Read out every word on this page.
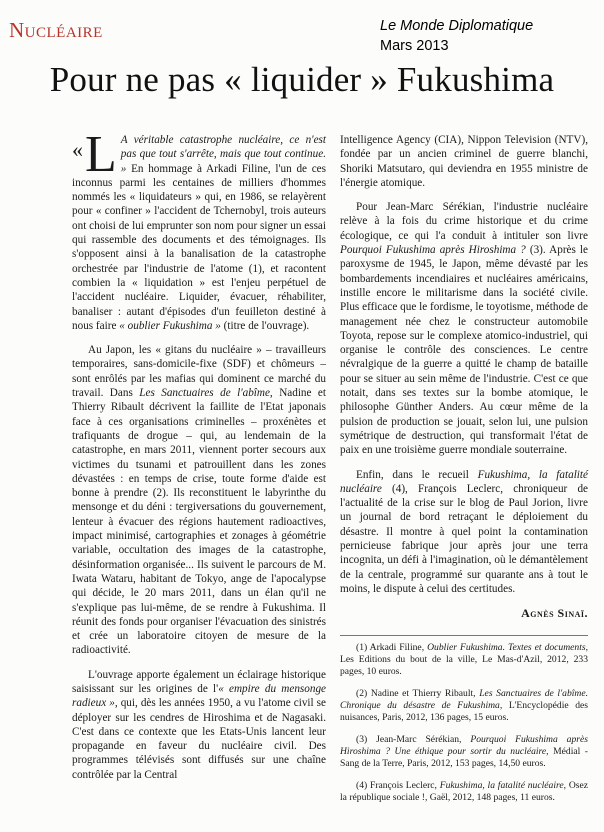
Nucléaire	Le Monde Diplomatique
Mars 2013
Pour ne pas « liquider » Fukushima

« L A véritable catastrophe nucléaire, ce n'est pas que tout s'arrête, mais que tout continue. » En hommage à Arkadi Filine, l'un de ces inconnus parmi les centaines de milliers d'hommes nommés les « liquidateurs » qui, en 1986, se relayèrent pour « confiner » l'accident de Tchernobyl, trois auteurs ont choisi de lui emprunter son nom pour signer un essai qui rassemble des documents et des témoignages. Ils s'opposent ainsi à la banalisation de la catastrophe orchestrée par l'industrie de l'atome (1), et racontent combien la « liquidation » est l'enjeu perpétuel de l'accident nucléaire. Liquider, évacuer, réhabiliter, banaliser : autant d'épisodes d'un feuilleton destiné à nous faire « oublier Fukushima » (titre de l'ouvrage).

Au Japon, les « gitans du nucléaire » – travailleurs temporaires, sans-domicile-fixe (SDF) et chômeurs – sont enrôlés par les mafias qui dominent ce marché du travail. Dans Les Sanctuaires de l'abîme, Nadine et Thierry Ribault décrivent la faillite de l'Etat japonais face à ces organisations criminelles – proxénètes et trafiquants de drogue – qui, au lendemain de la catastrophe, en mars 2011, viennent porter secours aux victimes du tsunami et patrouillent dans les zones dévastées : en temps de crise, toute forme d'aide est bonne à prendre (2). Ils reconstituent le labyrinthe du mensonge et du déni : tergiversations du gouvernement, lenteur à évacuer des régions hautement radioactives, impact minimisé, cartographies et zonages à géométrie variable, occultation des images de la catastrophe, désinformation organisée... Ils suivent le parcours de M. Iwata Wataru, habitant de Tokyo, ange de l'apocalypse qui décide, le 20 mars 2011, dans un élan qu'il ne s'explique pas lui-même, de se rendre à Fukushima. Il réunit des fonds pour organiser l'évacuation des sinistrés et crée un laboratoire citoyen de mesure de la radioactivité.

L'ouvrage apporte également un éclairage historique saisissant sur les origines de l'« empire du mensonge radieux », qui, dès les années 1950, a vu l'atome civil se déployer sur les cendres de Hiroshima et de Nagasaki. C'est dans ce contexte que les Etats-Unis lancent leur propagande en faveur du nucléaire civil. Des programmes télévisés sont diffusés sur une chaîne contrôlée par la Central

Intelligence Agency (CIA), Nippon Television (NTV), fondée par un ancien criminel de guerre blanchi, Shoriki Matsutaro, qui deviendra en 1955 ministre de l'énergie atomique.

Pour Jean-Marc Sérékian, l'industrie nucléaire relève à la fois du crime historique et du crime écologique, ce qui l'a conduit à intituler son livre Pourquoi Fukushima après Hiroshima ? (3). Après le paroxysme de 1945, le Japon, même dévasté par les bombardements incendiaires et nucléaires américains, instille encore le militarisme dans la société civile. Plus efficace que le fordisme, le toyotisme, méthode de management née chez le constructeur automobile Toyota, repose sur le complexe atomico-industriel, qui organise le contrôle des consciences. Le centre névralgique de la guerre a quitté le champ de bataille pour se situer au sein même de l'industrie. C'est ce que notait, dans ses textes sur la bombe atomique, le philosophe Günther Anders. Au cœur même de la pulsion de production se jouait, selon lui, une pulsion symétrique de destruction, qui transformait l'état de paix en une troisième guerre mondiale souterraine.

Enfin, dans le recueil Fukushima, la fatalité nucléaire (4), François Leclerc, chroniqueur de l'actualité de la crise sur le blog de Paul Jorion, livre un journal de bord retraçant le déploiement du désastre. Il montre à quel point la contamination pernicieuse fabrique jour après jour une terra incognita, un défi à l'imagination, où le démantèlement de la centrale, programmé sur quarante ans à tout le moins, le dispute à celui des certitudes.

Agnès Sinaï.

(1) Arkadi Filine, Oublier Fukushima. Textes et documents, Les Editions du bout de la ville, Le Mas-d'Azil, 2012, 233 pages, 10 euros.

(2) Nadine et Thierry Ribault, Les Sanctuaires de l'abîme. Chronique du désastre de Fukushima, L'Encyclopédie des nuisances, Paris, 2012, 136 pages, 15 euros.

(3) Jean-Marc Sérékian, Pourquoi Fukushima après Hiroshima ? Une éthique pour sortir du nucléaire, Médial - Sang de la Terre, Paris, 2012, 153 pages, 14,50 euros.

(4) François Leclerc, Fukushima, la fatalité nucléaire, Osez la république sociale !, Gaël, 2012, 148 pages, 11 euros.
